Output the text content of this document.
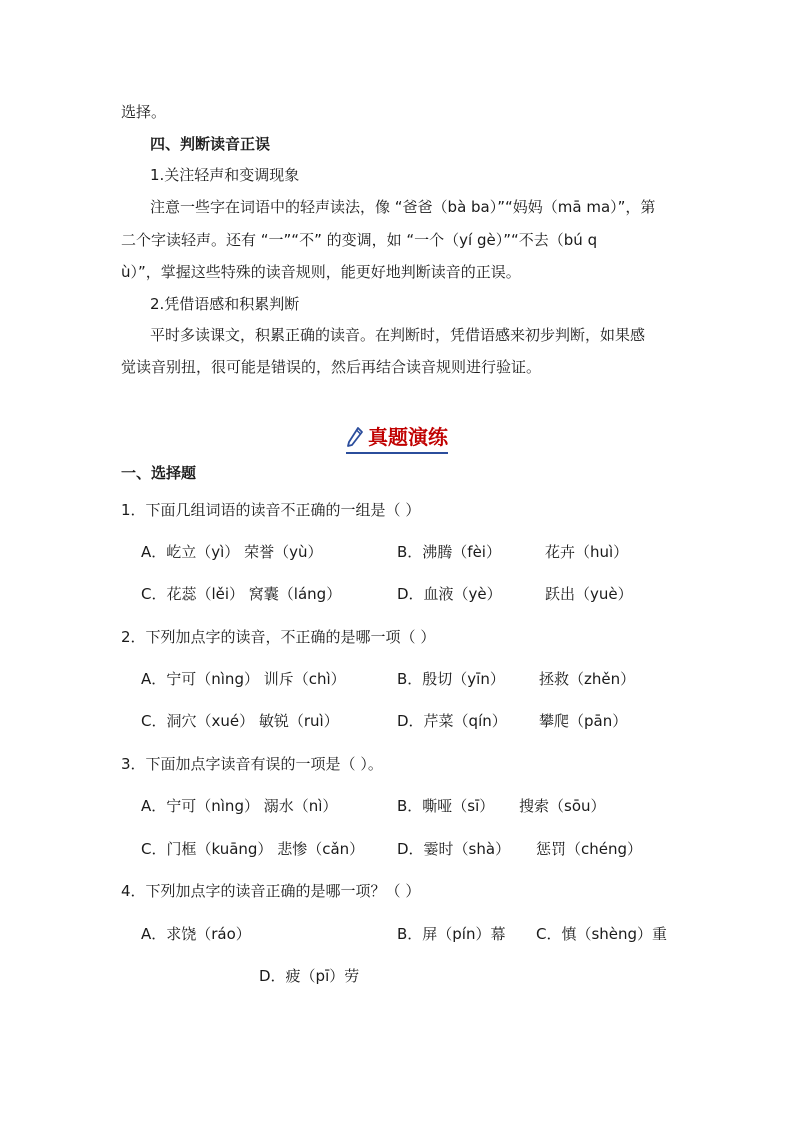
选择。
四、判断读音正误
1.关注轻声和变调现象
注意一些字在词语中的轻声读法，像 “爸爸（bà ba）”“妈妈（mā ma）”，第
二个字读轻声。还有 “一”“不” 的变调，如 “一个（yí gè）”“不去（bú q
ù）”，掌握这些特殊的读音规则，能更好地判断读音的正误。
2.凭借语感和积累判断
平时多读课文，积累正确的读音。在判断时，凭借语感来初步判断，如果感
觉读音别扭，很可能是错误的，然后再结合读音规则进行验证。
真题演练
一、选择题
1．下面几组词语的读音不正确的一组是（ ）
A．屹立（yì） 荣誉（yù）	B．沸腾（fèi）	花卉（huì）
C．花蕊（lěi） 窝囊（láng）	D．血液（yè）	跃出（yuè）
2．下列加点字的读音，不正确的是哪一项（ ）
A．宁可（nìng） 训斥（chì）	B．殷切（yīn） 拯救（zhěn）
C．洞穴（xué） 敏锐（ruì）	D．芹菜（qín） 攀爬（pān）
3．下面加点字读音有误的一项是（ ）。
A．宁可（nìng） 溺水（nì）	B．嘶哑（sī） 搜索（sōu）
C．门框（kuāng） 悲惨（cǎn） D．霎时（shà） 惩罚（chéng）
4．下列加点字的读音正确的是哪一项？（ ）
A．求饶（ráo）	B．屏（pín）幕 C．慎（shèng）重
D．疲（pī）劳
